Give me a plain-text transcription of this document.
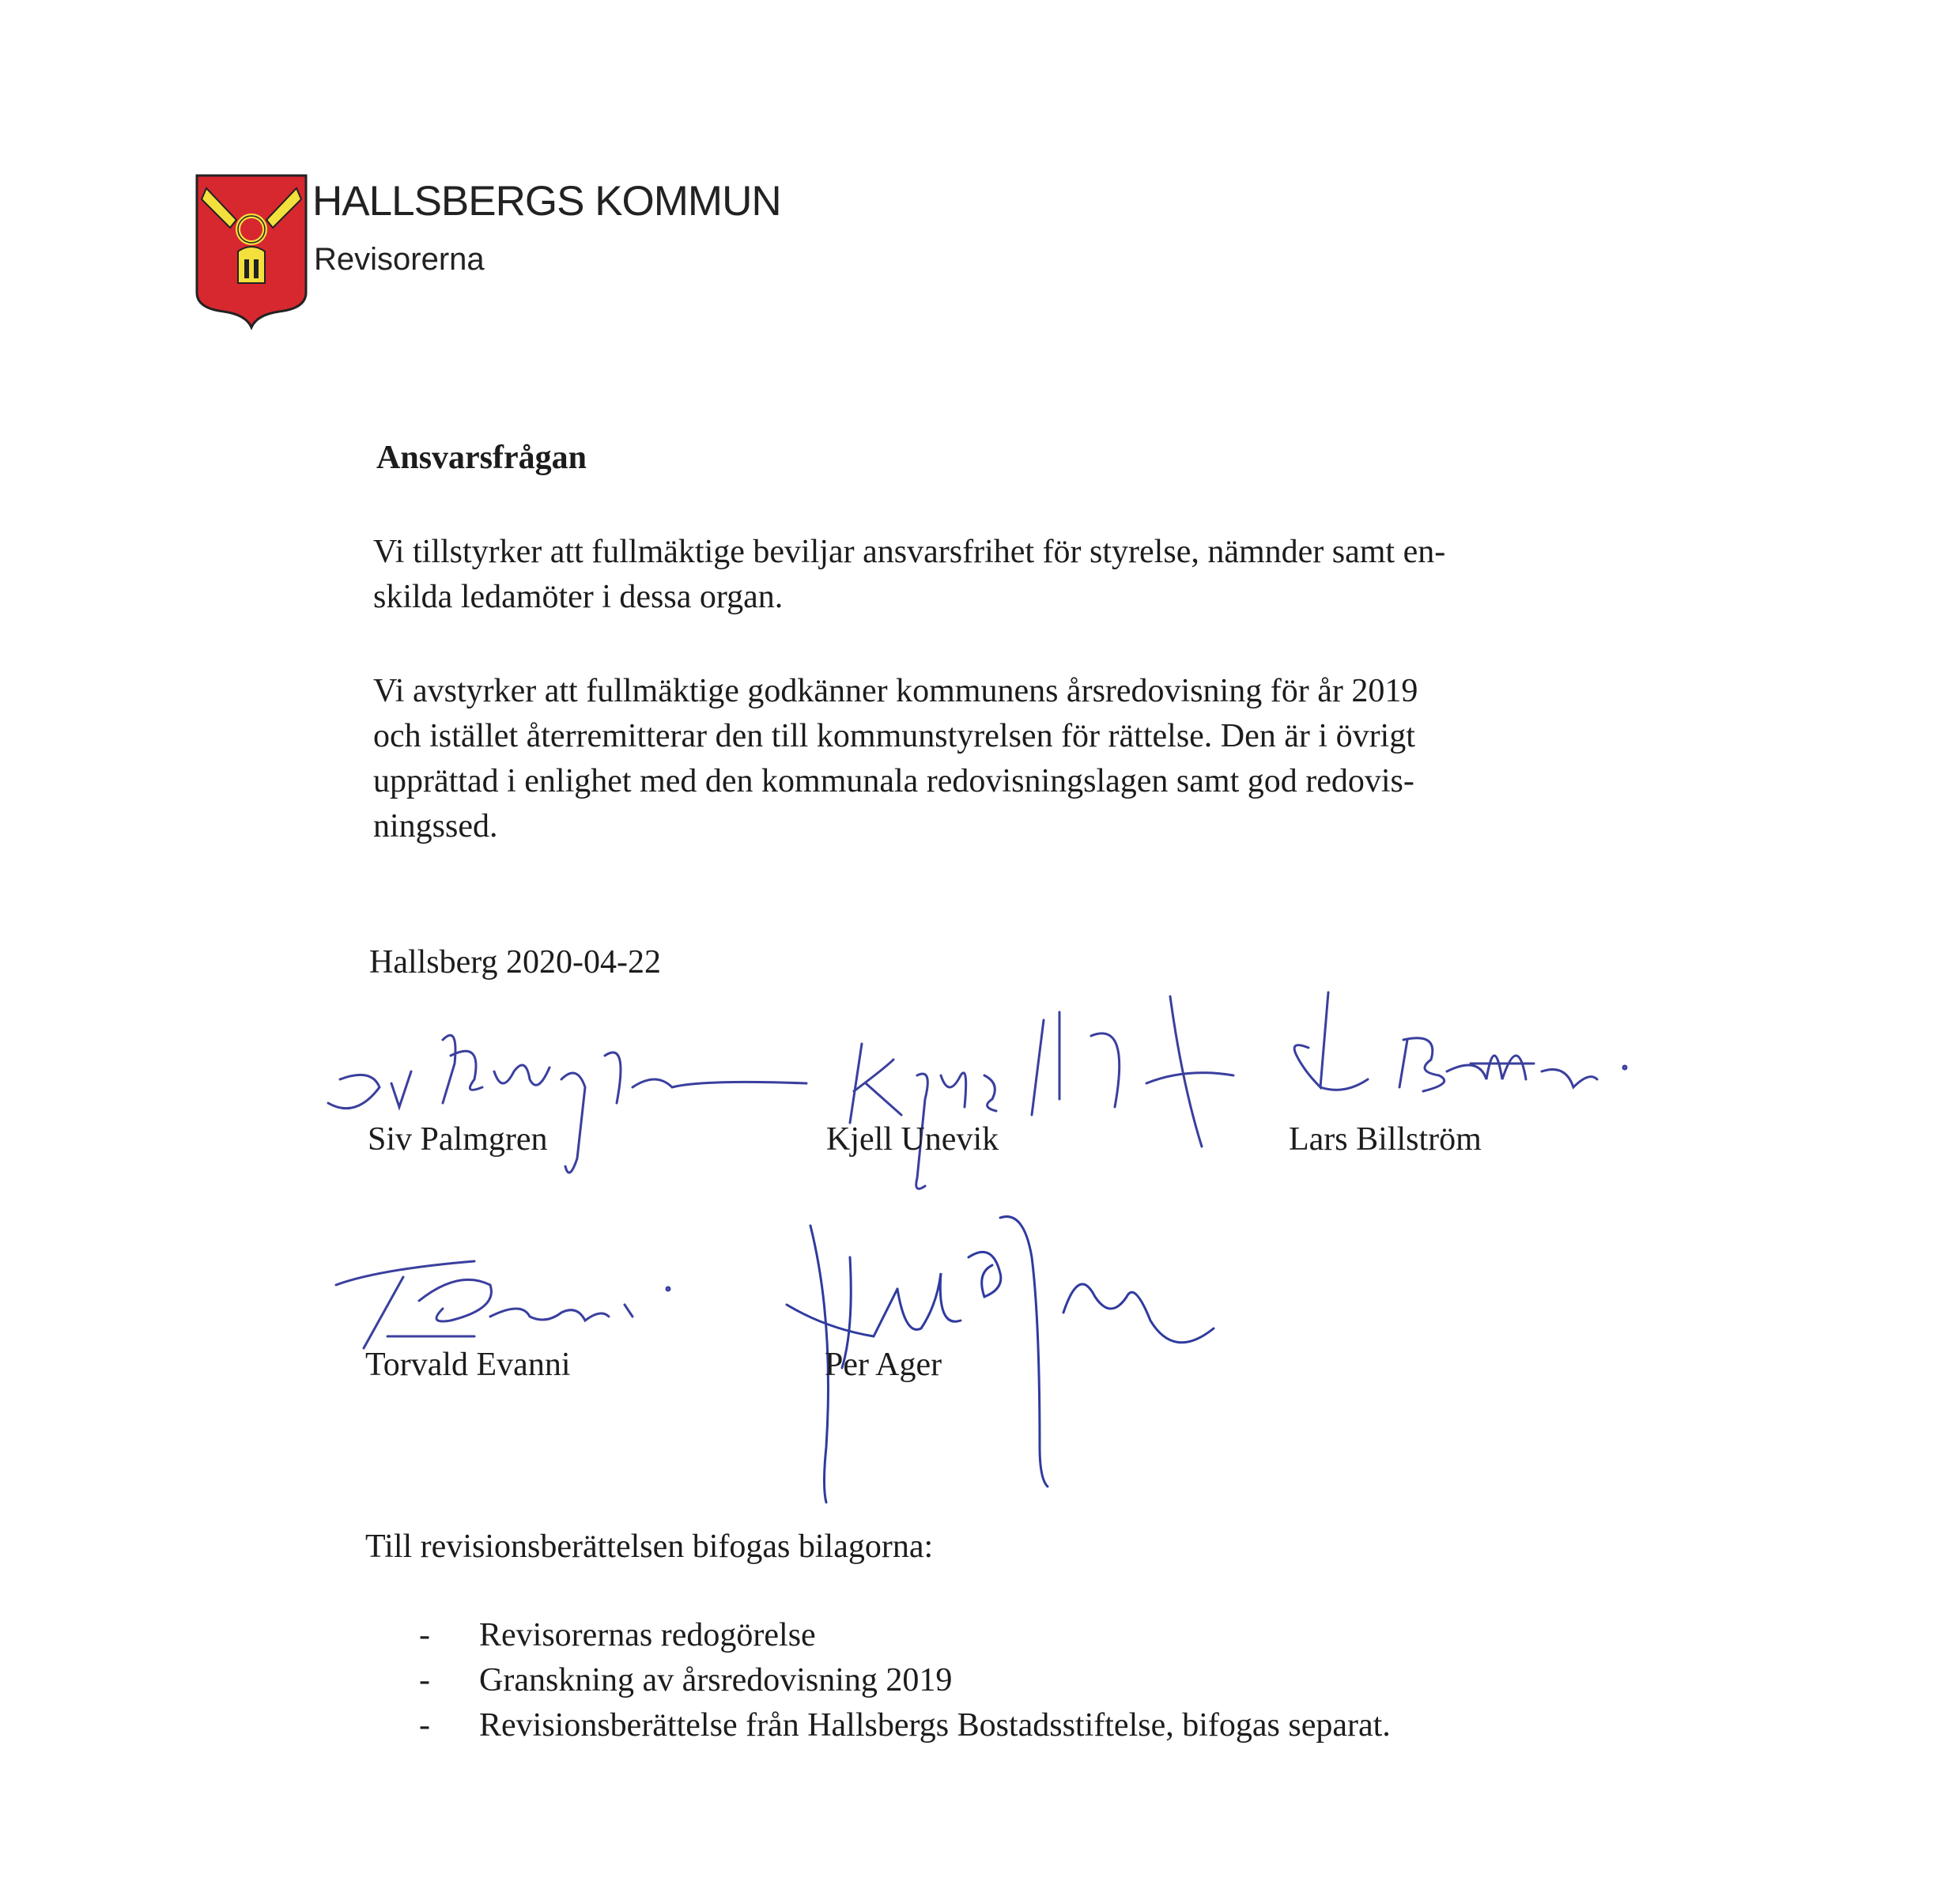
HALLSBERGS KOMMUN
Revisorerna
Ansvarsfrågan
Vi tillstyrker att fullmäktige beviljar ansvarsfrihet för styrelse, nämnder samt en-
skilda ledamöter i dessa organ.
Vi avstyrker att fullmäktige godkänner kommunens årsredovisning för år 2019
och istället återremitterar den till kommunstyrelsen för rättelse. Den är i övrigt
upprättad i enlighet med den kommunala redovisningslagen samt god redovis-
ningssed.
Hallsberg 2020-04-22
Siv Palmgren	Kjell Unevik	Lars Billström
Torvald Evanni	Per Ager
Till revisionsberättelsen bifogas bilagorna:
- Revisorernas redogörelse
- Granskning av årsredovisning 2019
- Revisionsberättelse från Hallsbergs Bostadsstiftelse, bifogas separat.
